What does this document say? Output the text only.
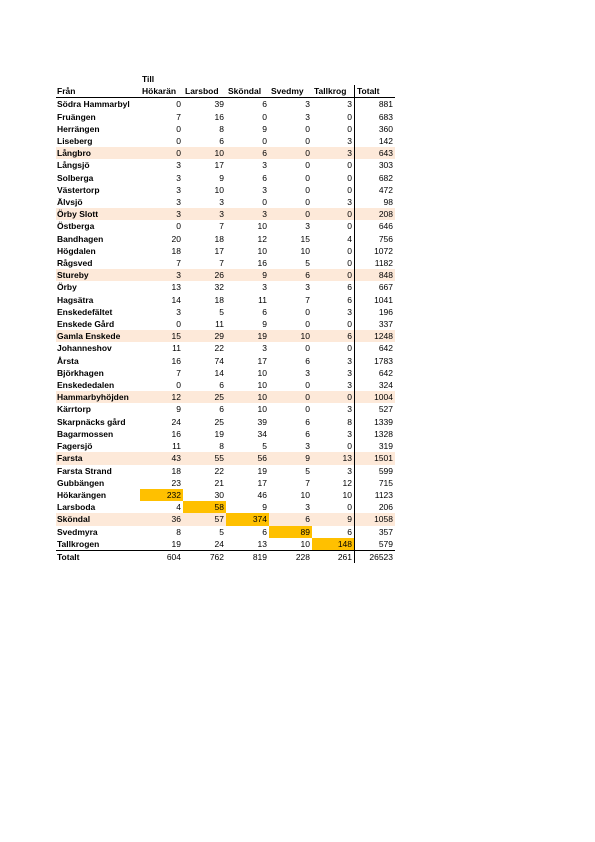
	Till					
Från	Hökarän	Larsbod	Sköndal	Svedmy	Tallkrog	Totalt
Södra Hammarbyl	0	39	6	3	3	881
Fruängen	7	16	0	3	0	683
Herrängen	0	8	9	0	0	360
Liseberg	0	6	0	0	3	142
Långbro	0	10	6	0	3	643
Långsjö	3	17	3	0	0	303
Solberga	3	9	6	0	0	682
Västertorp	3	10	3	0	0	472
Älvsjö	3	3	0	0	3	98
Örby Slott	3	3	3	0	0	208
Östberga	0	7	10	3	0	646
Bandhagen	20	18	12	15	4	756
Högdalen	18	17	10	10	0	1072
Rågsved	7	7	16	5	0	1182
Stureby	3	26	9	6	0	848
Örby	13	32	3	3	6	667
Hagsätra	14	18	11	7	6	1041
Enskedefältet	3	5	6	0	3	196
Enskede Gård	0	11	9	0	0	337
Gamla Enskede	15	29	19	10	6	1248
Johanneshov	11	22	3	0	0	642
Årsta	16	74	17	6	3	1783
Björkhagen	7	14	10	3	3	642
Enskededalen	0	6	10	0	3	324
Hammarbyhöjden	12	25	10	0	0	1004
Kärrtorp	9	6	10	0	3	527
Skarpnäcks gård	24	25	39	6	8	1339
Bagarmossen	16	19	34	6	3	1328
Fagersjö	11	8	5	3	0	319
Farsta	43	55	56	9	13	1501
Farsta Strand	18	22	19	5	3	599
Gubbängen	23	21	17	7	12	715
Hökarängen	232	30	46	10	10	1123
Larsboda	4	58	9	3	0	206
Sköndal	36	57	374	6	9	1058
Svedmyra	8	5	6	89	6	357
Tallkrogen	19	24	13	10	148	579
Totalt	604	762	819	228	261	26523
